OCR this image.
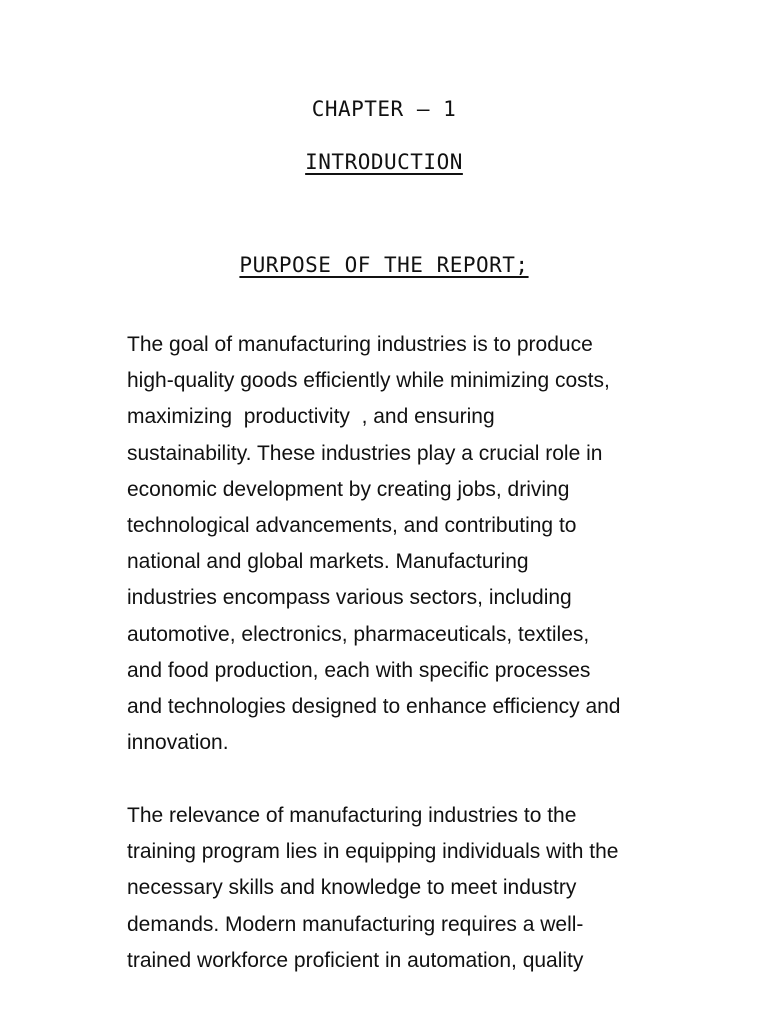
CHAPTER – 1
INTRODUCTION
PURPOSE OF THE REPORT;
The goal of manufacturing industries is to produce
high-quality goods efficiently while minimizing costs,
maximizing  productivity  , and ensuring
sustainability. These industries play a crucial role in
economic development by creating jobs, driving
technological advancements, and contributing to
national and global markets. Manufacturing
industries encompass various sectors, including
automotive, electronics, pharmaceuticals, textiles,
and food production, each with specific processes
and technologies designed to enhance efficiency and
innovation.
The relevance of manufacturing industries to the
training program lies in equipping individuals with the
necessary skills and knowledge to meet industry
demands. Modern manufacturing requires a well-
trained workforce proficient in automation, quality
